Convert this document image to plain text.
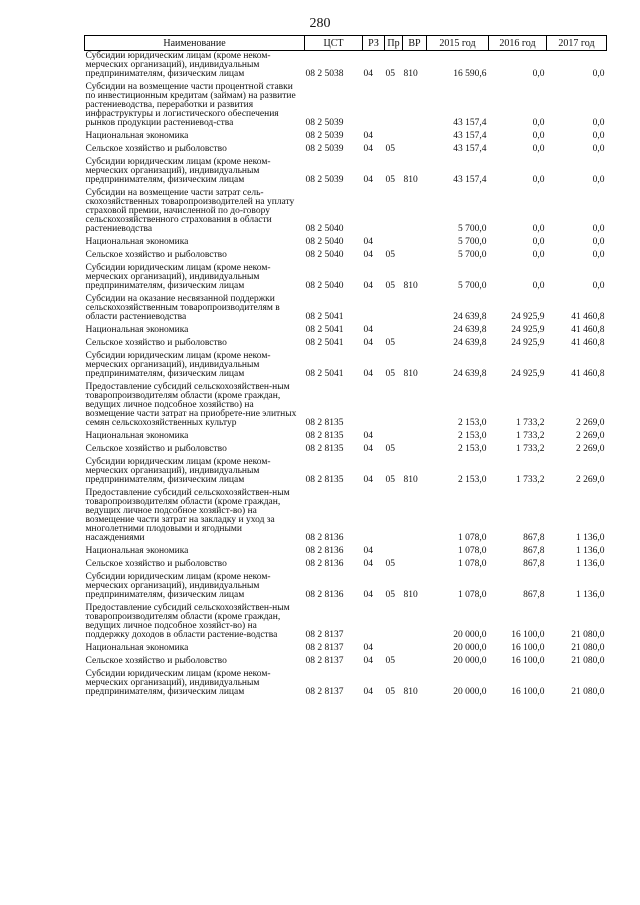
280
Наименование	ЦСТ	РЗ	Пр	ВР	2015 год	2016 год	2017 год
Субсидии юридическим лицам (кроме неком-мерческих организаций), индивидуальным предпринимателям, физическим лицам	08 2 5038	04	05	810	16 590,6	0,0	0,0
Субсидии на возмещение части процентной ставки по инвестиционным кредитам (займам) на развитие растениеводства, переработки и развития инфраструктуры и логистического обеспечения рынков продукции растениевод-ства	08 2 5039				43 157,4	0,0	0,0
Национальная экономика	08 2 5039	04			43 157,4	0,0	0,0
Сельское хозяйство и рыболовство	08 2 5039	04	05		43 157,4	0,0	0,0
Субсидии юридическим лицам (кроме неком-мерческих организаций), индивидуальным предпринимателям, физическим лицам	08 2 5039	04	05	810	43 157,4	0,0	0,0
Субсидии на возмещение части затрат сель-скохозяйственных товаропроизводителей на уплату страховой премии, начисленной по до-говору сельскохозяйственного страхования в области растениеводства	08 2 5040				5 700,0	0,0	0,0
Национальная экономика	08 2 5040	04			5 700,0	0,0	0,0
Сельское хозяйство и рыболовство	08 2 5040	04	05		5 700,0	0,0	0,0
Субсидии юридическим лицам (кроме неком-мерческих организаций), индивидуальным предпринимателям, физическим лицам	08 2 5040	04	05	810	5 700,0	0,0	0,0
Субсидии на оказание несвязанной поддержки сельскохозяйственным товаропроизводителям в области растениеводства	08 2 5041				24 639,8	24 925,9	41 460,8
Национальная экономика	08 2 5041	04			24 639,8	24 925,9	41 460,8
Сельское хозяйство и рыболовство	08 2 5041	04	05		24 639,8	24 925,9	41 460,8
Субсидии юридическим лицам (кроме неком-мерческих организаций), индивидуальным предпринимателям, физическим лицам	08 2 5041	04	05	810	24 639,8	24 925,9	41 460,8
Предоставление субсидий сельскохозяйствен-ным товаропроизводителям области (кроме граждан, ведущих личное подсобное хозяйство) на возмещение части затрат на приобрете-ние элитных семян сельскохозяйственных культур	08 2 8135				2 153,0	1 733,2	2 269,0
Национальная экономика	08 2 8135	04			2 153,0	1 733,2	2 269,0
Сельское хозяйство и рыболовство	08 2 8135	04	05		2 153,0	1 733,2	2 269,0
Субсидии юридическим лицам (кроме неком-мерческих организаций), индивидуальным предпринимателям, физическим лицам	08 2 8135	04	05	810	2 153,0	1 733,2	2 269,0
Предоставление субсидий сельскохозяйствен-ным товаропроизводителям области (кроме граждан, ведущих личное подсобное хозяйст-во) на возмещение части затрат на закладку и уход за многолетними плодовыми и ягодными насаждениями	08 2 8136				1 078,0	867,8	1 136,0
Национальная экономика	08 2 8136	04			1 078,0	867,8	1 136,0
Сельское хозяйство и рыболовство	08 2 8136	04	05		1 078,0	867,8	1 136,0
Субсидии юридическим лицам (кроме неком-мерческих организаций), индивидуальным предпринимателям, физическим лицам	08 2 8136	04	05	810	1 078,0	867,8	1 136,0
Предоставление субсидий сельскохозяйствен-ным товаропроизводителям области (кроме граждан, ведущих личное подсобное хозяйст-во) на поддержку доходов в области растение-водства	08 2 8137				20 000,0	16 100,0	21 080,0
Национальная экономика	08 2 8137	04			20 000,0	16 100,0	21 080,0
Сельское хозяйство и рыболовство	08 2 8137	04	05		20 000,0	16 100,0	21 080,0
Субсидии юридическим лицам (кроме неком-мерческих организаций), индивидуальным предпринимателям, физическим лицам	08 2 8137	04	05	810	20 000,0	16 100,0	21 080,0
